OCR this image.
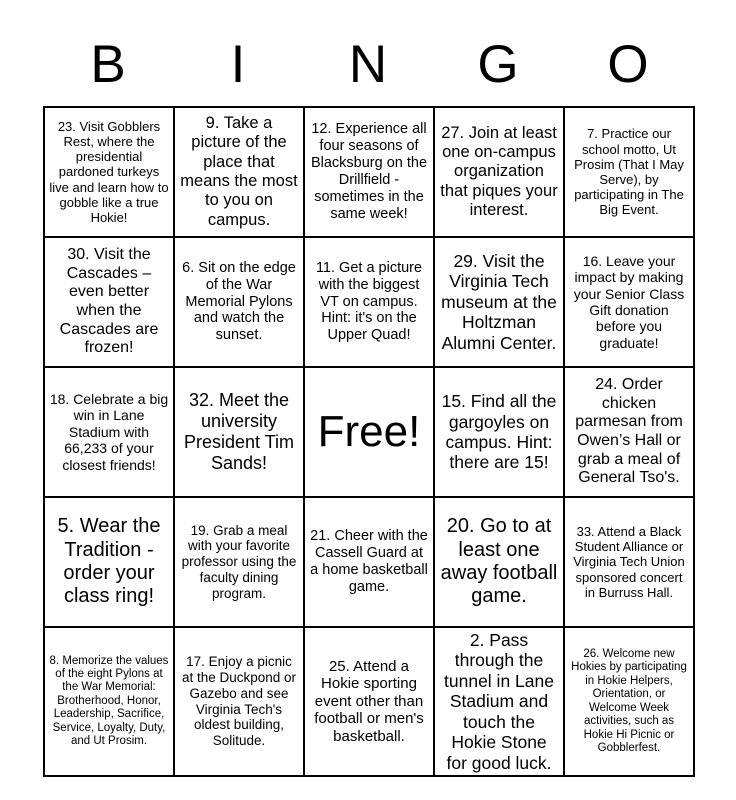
B	I	N	G	O
23. Visit Gobblers Rest, where the presidential pardoned turkeys live and learn how to gobble like a true Hokie!	9. Take a picture of the place that means the most to you on campus.	12. Experience all four seasons of Blacksburg on the Drillfield - sometimes in the same week!	27. Join at least one on-campus organization that piques your interest.	7. Practice our school motto, Ut Prosim (That I May Serve), by participating in The Big Event.
30. Visit the Cascades – even better when the Cascades are frozen!	6. Sit on the edge of the War Memorial Pylons and watch the sunset.	11. Get a picture with the biggest VT on campus. Hint: it's on the Upper Quad!	29. Visit the Virginia Tech museum at the Holtzman Alumni Center.	16. Leave your impact by making your Senior Class Gift donation before you graduate!
18. Celebrate a big win in Lane Stadium with 66,233 of your closest friends!	32. Meet the university President Tim Sands!	Free!	15. Find all the gargoyles on campus. Hint: there are 15!	24. Order chicken parmesan from Owen’s Hall or grab a meal of General Tso's.
5. Wear the Tradition - order your class ring!	19. Grab a meal with your favorite professor using the faculty dining program.	21. Cheer with the Cassell Guard at a home basketball game.	20. Go to at least one away football game.	33. Attend a Black Student Alliance or Virginia Tech Union sponsored concert in Burruss Hall.
8. Memorize the values of the eight Pylons at the War Memorial: Brotherhood, Honor, Leadership, Sacrifice, Service, Loyalty, Duty, and Ut Prosim.	17. Enjoy a picnic at the Duckpond or Gazebo and see Virginia Tech's oldest building, Solitude.	25. Attend a Hokie sporting event other than football or men's basketball.	2. Pass through the tunnel in Lane Stadium and touch the Hokie Stone for good luck.	26. Welcome new Hokies by participating in Hokie Helpers, Orientation, or Welcome Week activities, such as Hokie Hi Picnic or Gobblerfest.
